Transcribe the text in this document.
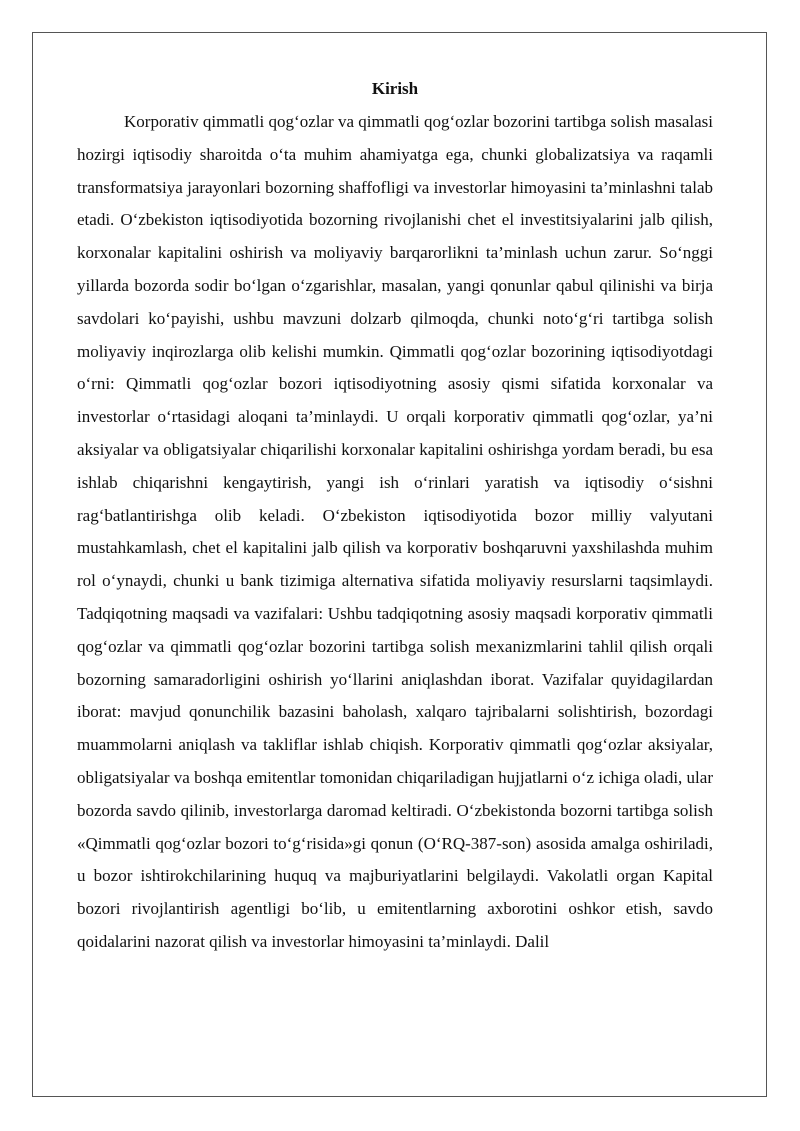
Kirish

Korporativ qimmatli qog‘ozlar va qimmatli qog‘ozlar bozorini tartibga solish masalasi hozirgi iqtisodiy sharoitda o‘ta muhim ahamiyatga ega, chunki globalizatsiya va raqamli transformatsiya jarayonlari bozorning shaffofligi va investorlar himoyasini ta’minlashni talab etadi. O‘zbekiston iqtisodiyotida bozorning rivojlanishi chet el investitsiyalarini jalb qilish, korxonalar kapitalini oshirish va moliyaviy barqarorlikni ta’minlash uchun zarur. So‘nggi yillarda bozorda sodir bo‘lgan o‘zgarishlar, masalan, yangi qonunlar qabul qilinishi va birja savdolari ko‘payishi, ushbu mavzuni dolzarb qilmoqda, chunki noto‘g‘ri tartibga solish moliyaviy inqirozlarga olib kelishi mumkin. Qimmatli qog‘ozlar bozorining iqtisodiyotdagi o‘rni: Qimmatli qog‘ozlar bozori iqtisodiyotning asosiy qismi sifatida korxonalar va investorlar o‘rtasidagi aloqani ta’minlaydi. U orqali korporativ qimmatli qog‘ozlar, ya’ni aksiyalar va obligatsiyalar chiqarilishi korxonalar kapitalini oshirishga yordam beradi, bu esa ishlab chiqarishni kengaytirish, yangi ish o‘rinlari yaratish va iqtisodiy o‘sishni rag‘batlantirishga olib keladi. O‘zbekiston iqtisodiyotida bozor milliy valyutani mustahkamlash, chet el kapitalini jalb qilish va korporativ boshqaruvni yaxshilashda muhim rol o‘ynaydi, chunki u bank tizimiga alternativa sifatida moliyaviy resurslarni taqsimlaydi. Tadqiqotning maqsadi va vazifalari: Ushbu tadqiqotning asosiy maqsadi korporativ qimmatli qog‘ozlar va qimmatli qog‘ozlar bozorini tartibga solish mexanizmlarini tahlil qilish orqali bozorning samaradorligini oshirish yo‘llarini aniqlashdan iborat. Vazifalar quyidagilardan iborat: mavjud qonunchilik bazasini baholash, xalqaro tajribalarni solishtirish, bozordagi muammolarni aniqlash va takliflar ishlab chiqish. Korporativ qimmatli qog‘ozlar aksiyalar, obligatsiyalar va boshqa emitentlar tomonidan chiqariladigan hujjatlarni o‘z ichiga oladi, ular bozorda savdo qilinib, investorlarga daromad keltiradi. O‘zbekistonda bozorni tartibga solish «Qimmatli qog‘ozlar bozori to‘g‘risida»gi qonun (O‘RQ-387-son) asosida amalga oshiriladi, u bozor ishtirokchilarining huquq va majburiyatlarini belgilaydi. Vakolatli organ Kapital bozori rivojlantirish agentligi bo‘lib, u emitentlarning axborotini oshkor etish, savdo qoidalarini nazorat qilish va investorlar himoyasini ta’minlaydi. Dalil
